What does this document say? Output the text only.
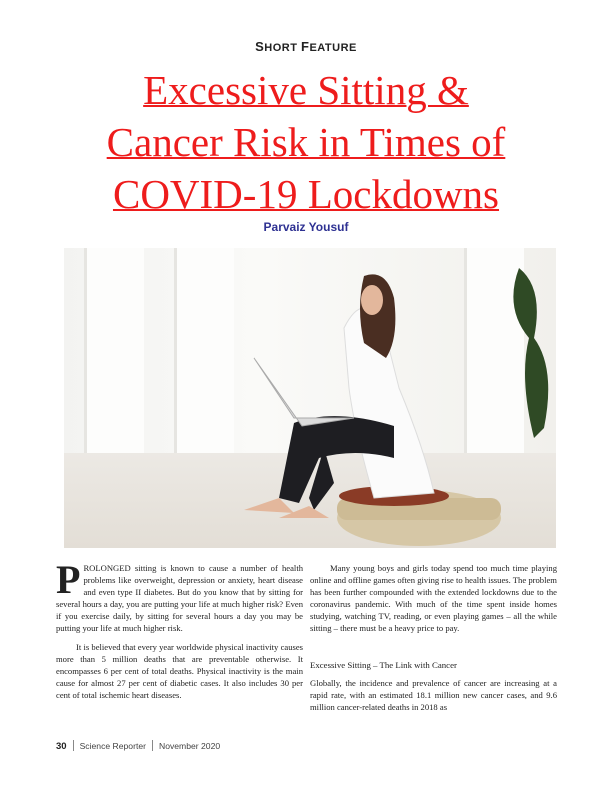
SHORT FEATURE
Excessive Sitting &
Cancer Risk in Times of
COVID-19 Lockdowns
Parvaiz Yousuf

PROLONGED sitting is known to cause a number of health problems like overweight, depression or anxiety, heart disease and even type II diabetes. But do you know that by sitting for several hours a day, you are putting your life at much higher risk? Even if you exercise daily, by sitting for several hours a day you may be putting your life at much higher risk.

It is believed that every year worldwide physical inactivity causes more than 5 million deaths that are preventable otherwise. It encompasses 6 per cent of total deaths. Physical inactivity is the main cause for almost 27 per cent of diabetic cases. It also includes 30 per cent of total ischemic heart diseases.

Many young boys and girls today spend too much time playing online and offline games often giving rise to health issues. The problem has been further compounded with the extended lockdowns due to the coronavirus pandemic. With much of the time spent inside homes studying, watching TV, reading, or even playing games – all the while sitting – there must be a heavy price to pay.

Excessive Sitting – The Link with Cancer

Globally, the incidence and prevalence of cancer are increasing at a rapid rate, with an estimated 18.1 million new cancer cases, and 9.6 million cancer-related deaths in 2018 as

30 Science Reporter November 2020
